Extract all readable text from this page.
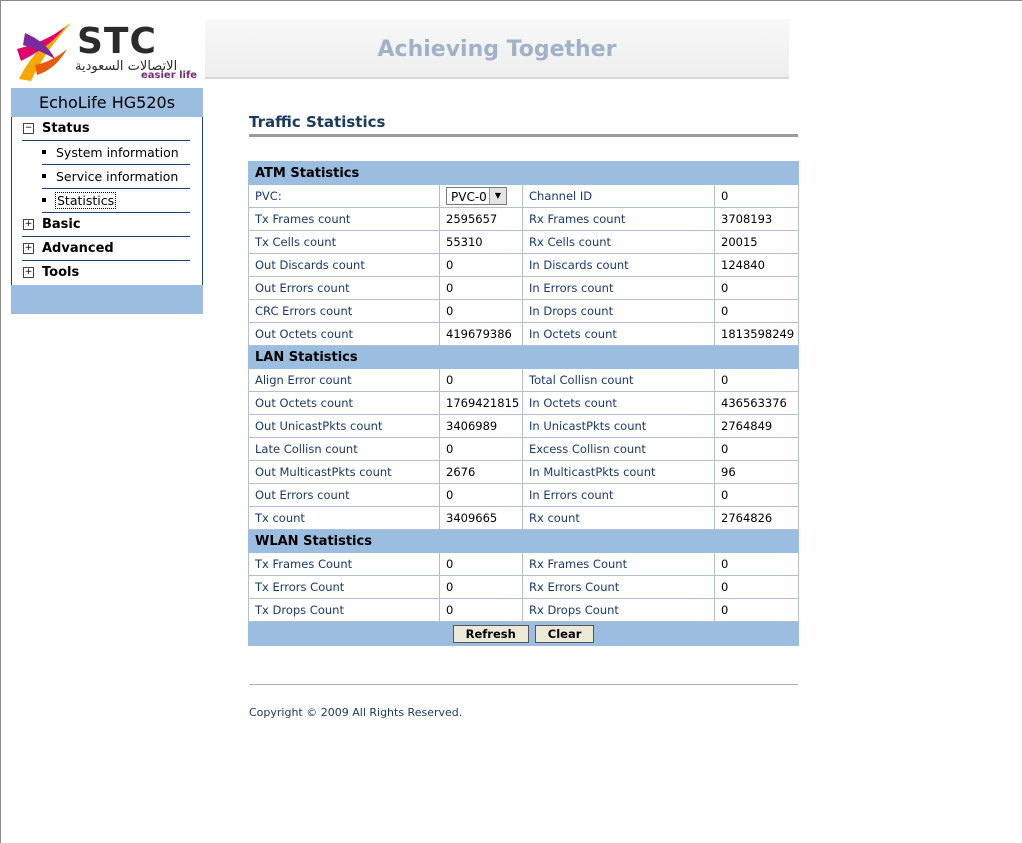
STC
الاتصالات السعودية
easier life
Achieving Together
EchoLife HG520s
− Status
System information
Service information
Statistics
+ Basic
+ Advanced
+ Tools
Traffic Statistics
ATM Statistics			
PVC:	PVC-0 ▼	Channel ID	0
Tx Frames count	2595657	Rx Frames count	3708193
Tx Cells count	55310	Rx Cells count	20015
Out Discards count	0	In Discards count	124840
Out Errors count	0	In Errors count	0
CRC Errors count	0	In Drops count	0
Out Octets count	419679386	In Octets count	1813598249
LAN Statistics			
Align Error count	0	Total Collisn count	0
Out Octets count	1769421815	In Octets count	436563376
Out UnicastPkts count	3406989	In UnicastPkts count	2764849
Late Collisn count	0	Excess Collisn count	0
Out MulticastPkts count	2676	In MulticastPkts count	96
Out Errors count	0	In Errors count	0
Tx count	3409665	Rx count	2764826
WLAN Statistics			
Tx Frames Count	0	Rx Frames Count	0
Tx Errors Count	0	Rx Errors Count	0
Tx Drops Count	0	Rx Drops Count	0
Refresh Clear			
Copyright © 2009 All Rights Reserved.
